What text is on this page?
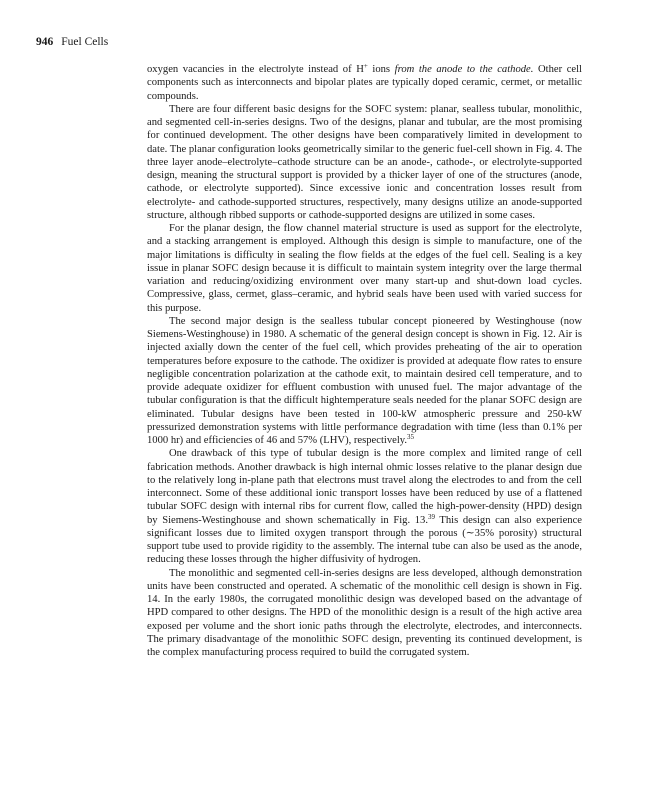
946 Fuel Cells

oxygen vacancies in the electrolyte instead of H+ ions from the anode to the cathode. Other cell components such as interconnects and bipolar plates are typically doped ceramic, cermet, or metallic compounds.

There are four different basic designs for the SOFC system: planar, sealless tubular, monolithic, and segmented cell-in-series designs. Two of the designs, planar and tubular, are the most promising for continued development. The other designs have been comparatively limited in development to date. The planar configuration looks geometrically similar to the generic fuel-cell shown in Fig. 4. The three layer anode–electrolyte–cathode structure can be an anode-, cathode-, or electrolyte-supported design, meaning the structural support is provided by a thicker layer of one of the structures (anode, cathode, or electrolyte supported). Since excessive ionic and concentration losses result from electrolyte- and cathode-supported structures, respectively, many designs utilize an anode-supported structure, although ribbed supports or cathode-supported designs are utilized in some cases.

For the planar design, the flow channel material structure is used as support for the electrolyte, and a stacking arrangement is employed. Although this design is simple to manufacture, one of the major limitations is difficulty in sealing the flow fields at the edges of the fuel cell. Sealing is a key issue in planar SOFC design because it is difficult to maintain system integrity over the large thermal variation and reducing/oxidizing environment over many start-up and shut-down load cycles. Compressive, glass, cermet, glass–ceramic, and hybrid seals have been used with varied success for this purpose.

The second major design is the sealless tubular concept pioneered by Westinghouse (now Siemens-Westinghouse) in 1980. A schematic of the general design concept is shown in Fig. 12. Air is injected axially down the center of the fuel cell, which provides preheating of the air to operation temperatures before exposure to the cathode. The oxidizer is provided at adequate flow rates to ensure negligible concentration polarization at the cathode exit, to maintain desired cell temperature, and to provide adequate oxidizer for effluent combustion with unused fuel. The major advantage of the tubular configuration is that the difficult hightemperature seals needed for the planar SOFC design are eliminated. Tubular designs have been tested in 100-kW atmospheric pressure and 250-kW pressurized demonstration systems with little performance degradation with time (less than 0.1% per 1000 hr) and efficiencies of 46 and 57% (LHV), respectively.$^{35}$

One drawback of this type of tubular design is the more complex and limited range of cell fabrication methods. Another drawback is high internal ohmic losses relative to the planar design due to the relatively long in-plane path that electrons must travel along the electrodes to and from the cell interconnect. Some of these additional ionic transport losses have been reduced by use of a flattened tubular SOFC design with internal ribs for current flow, called the high-power-density (HPD) design by Siemens-Westinghouse and shown schematically in Fig. 13.39 This design can also experience significant losses due to limited oxygen transport through the porous (∼35% porosity) structural support tube used to provide rigidity to the assembly. The internal tube can also be used as the anode, reducing these losses through the higher diffusivity of hydrogen.

The monolithic and segmented cell-in-series designs are less developed, although demonstration units have been constructed and operated. A schematic of the monolithic cell design is shown in Fig. 14. In the early 1980s, the corrugated monolithic design was developed based on the advantage of HPD compared to other designs. The HPD of the monolithic design is a result of the high active area exposed per volume and the short ionic paths through the electrolyte, electrodes, and interconnects. The primary disadvantage of the monolithic SOFC design, preventing its continued development, is the complex manufacturing process required to build the corrugated system.
